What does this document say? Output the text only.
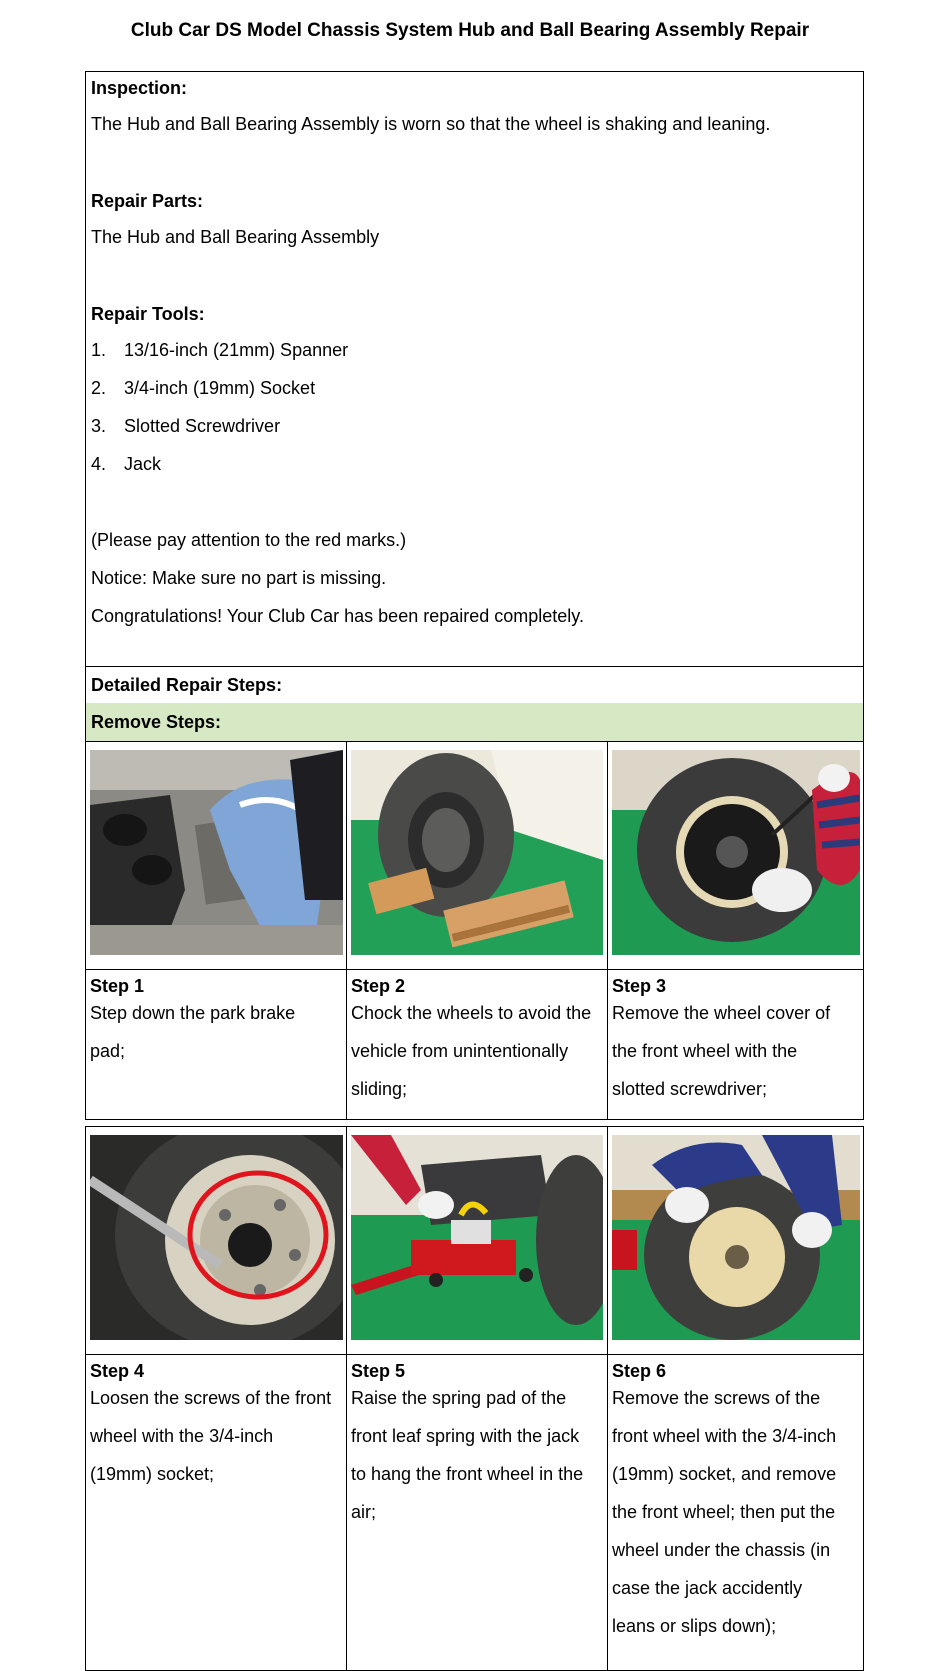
Club Car DS Model Chassis System Hub and Ball Bearing Assembly Repair
Inspection:
The Hub and Ball Bearing Assembly is worn so that the wheel is shaking and leaning.
Repair Parts:
The Hub and Ball Bearing Assembly
Repair Tools:
1. 13/16-inch (21mm) Spanner
2. 3/4-inch (19mm) Socket
3. Slotted Screwdriver
4. Jack
(Please pay attention to the red marks.)
Notice: Make sure no part is missing.
Congratulations! Your Club Car has been repaired completely.
Detailed Repair Steps:
Remove Steps:
Step 1
Step down the park brake
pad;
Step 2
Chock the wheels to avoid the
vehicle from unintentionally
sliding;
Step 3
Remove the wheel cover of
the front wheel with the
slotted screwdriver;
Step 4
Loosen the screws of the front
wheel with the 3/4-inch
(19mm) socket;
Step 5
Raise the spring pad of the
front leaf spring with the jack
to hang the front wheel in the
air;
Step 6
Remove the screws of the
front wheel with the 3/4-inch
(19mm) socket, and remove
the front wheel; then put the
wheel under the chassis (in
case the jack accidently
leans or slips down);
